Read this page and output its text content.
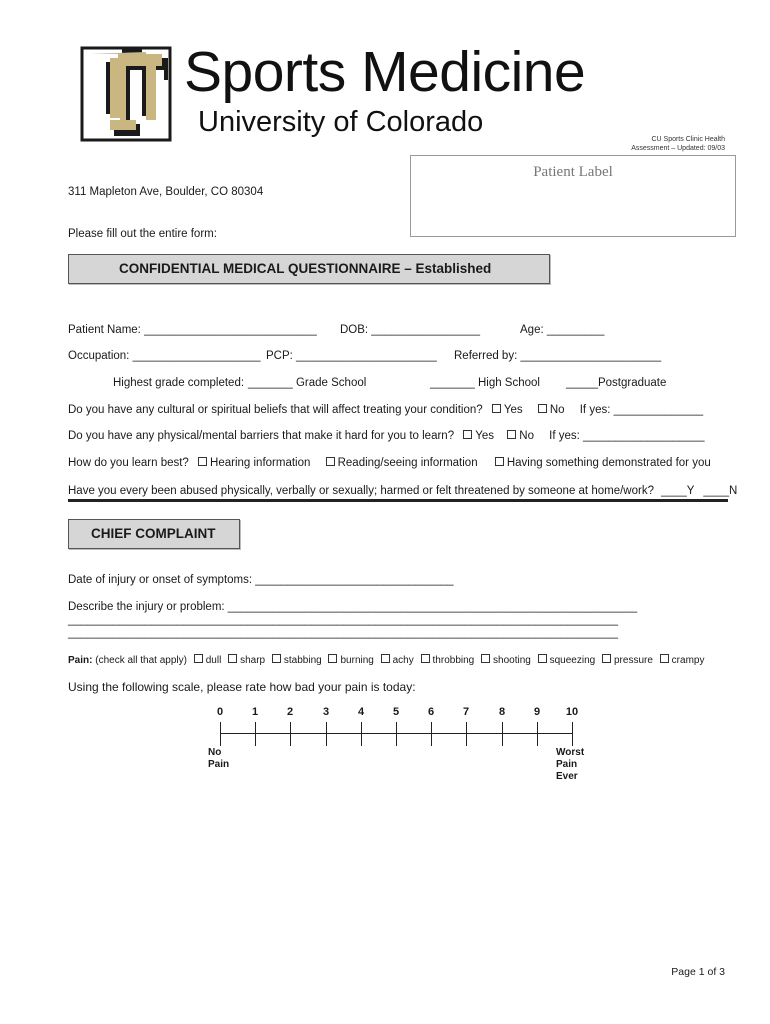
Sports Medicine
University of Colorado
CU Sports Clinic Health
Assessment – Updated: 09/03
Patient Label
311 Mapleton Ave, Boulder, CO 80304
Please fill out the entire form:
CONFIDENTIAL MEDICAL QUESTIONNAIRE – Established
Patient Name: ___________________________ DOB: _________________	Age: _________
Occupation: ____________________ PCP: ______________________ Referred by: ______________________
Highest grade completed: _______ Grade School	_______ High School _____Postgraduate
Do you have any cultural or spiritual beliefs that will affect treating your condition? Yes No If yes: ______________
Do you have any physical/mental barriers that make it hard for you to learn? Yes No If yes: ___________________
How do you learn best? Hearing information Reading/seeing information	Having something demonstrated for you
Have you every been abused physically, verbally or sexually; harmed or felt threatened by someone at home/work? ____Y ____N
CHIEF COMPLAINT
Date of injury or onset of symptoms: _______________________________
Describe the injury or problem: ________________________________________________________________
______________________________________________________________________________________
______________________________________________________________________________________
Pain: (check all that apply) dull sharp stabbing burning achy throbbing shooting squeezing pressure crampy
Using the following scale, please rate how bad your pain is today:
0	1	2	3	4	5	6	7	8	9	10
No
Pain
Worst
Pain
Ever
Page 1 of 3
